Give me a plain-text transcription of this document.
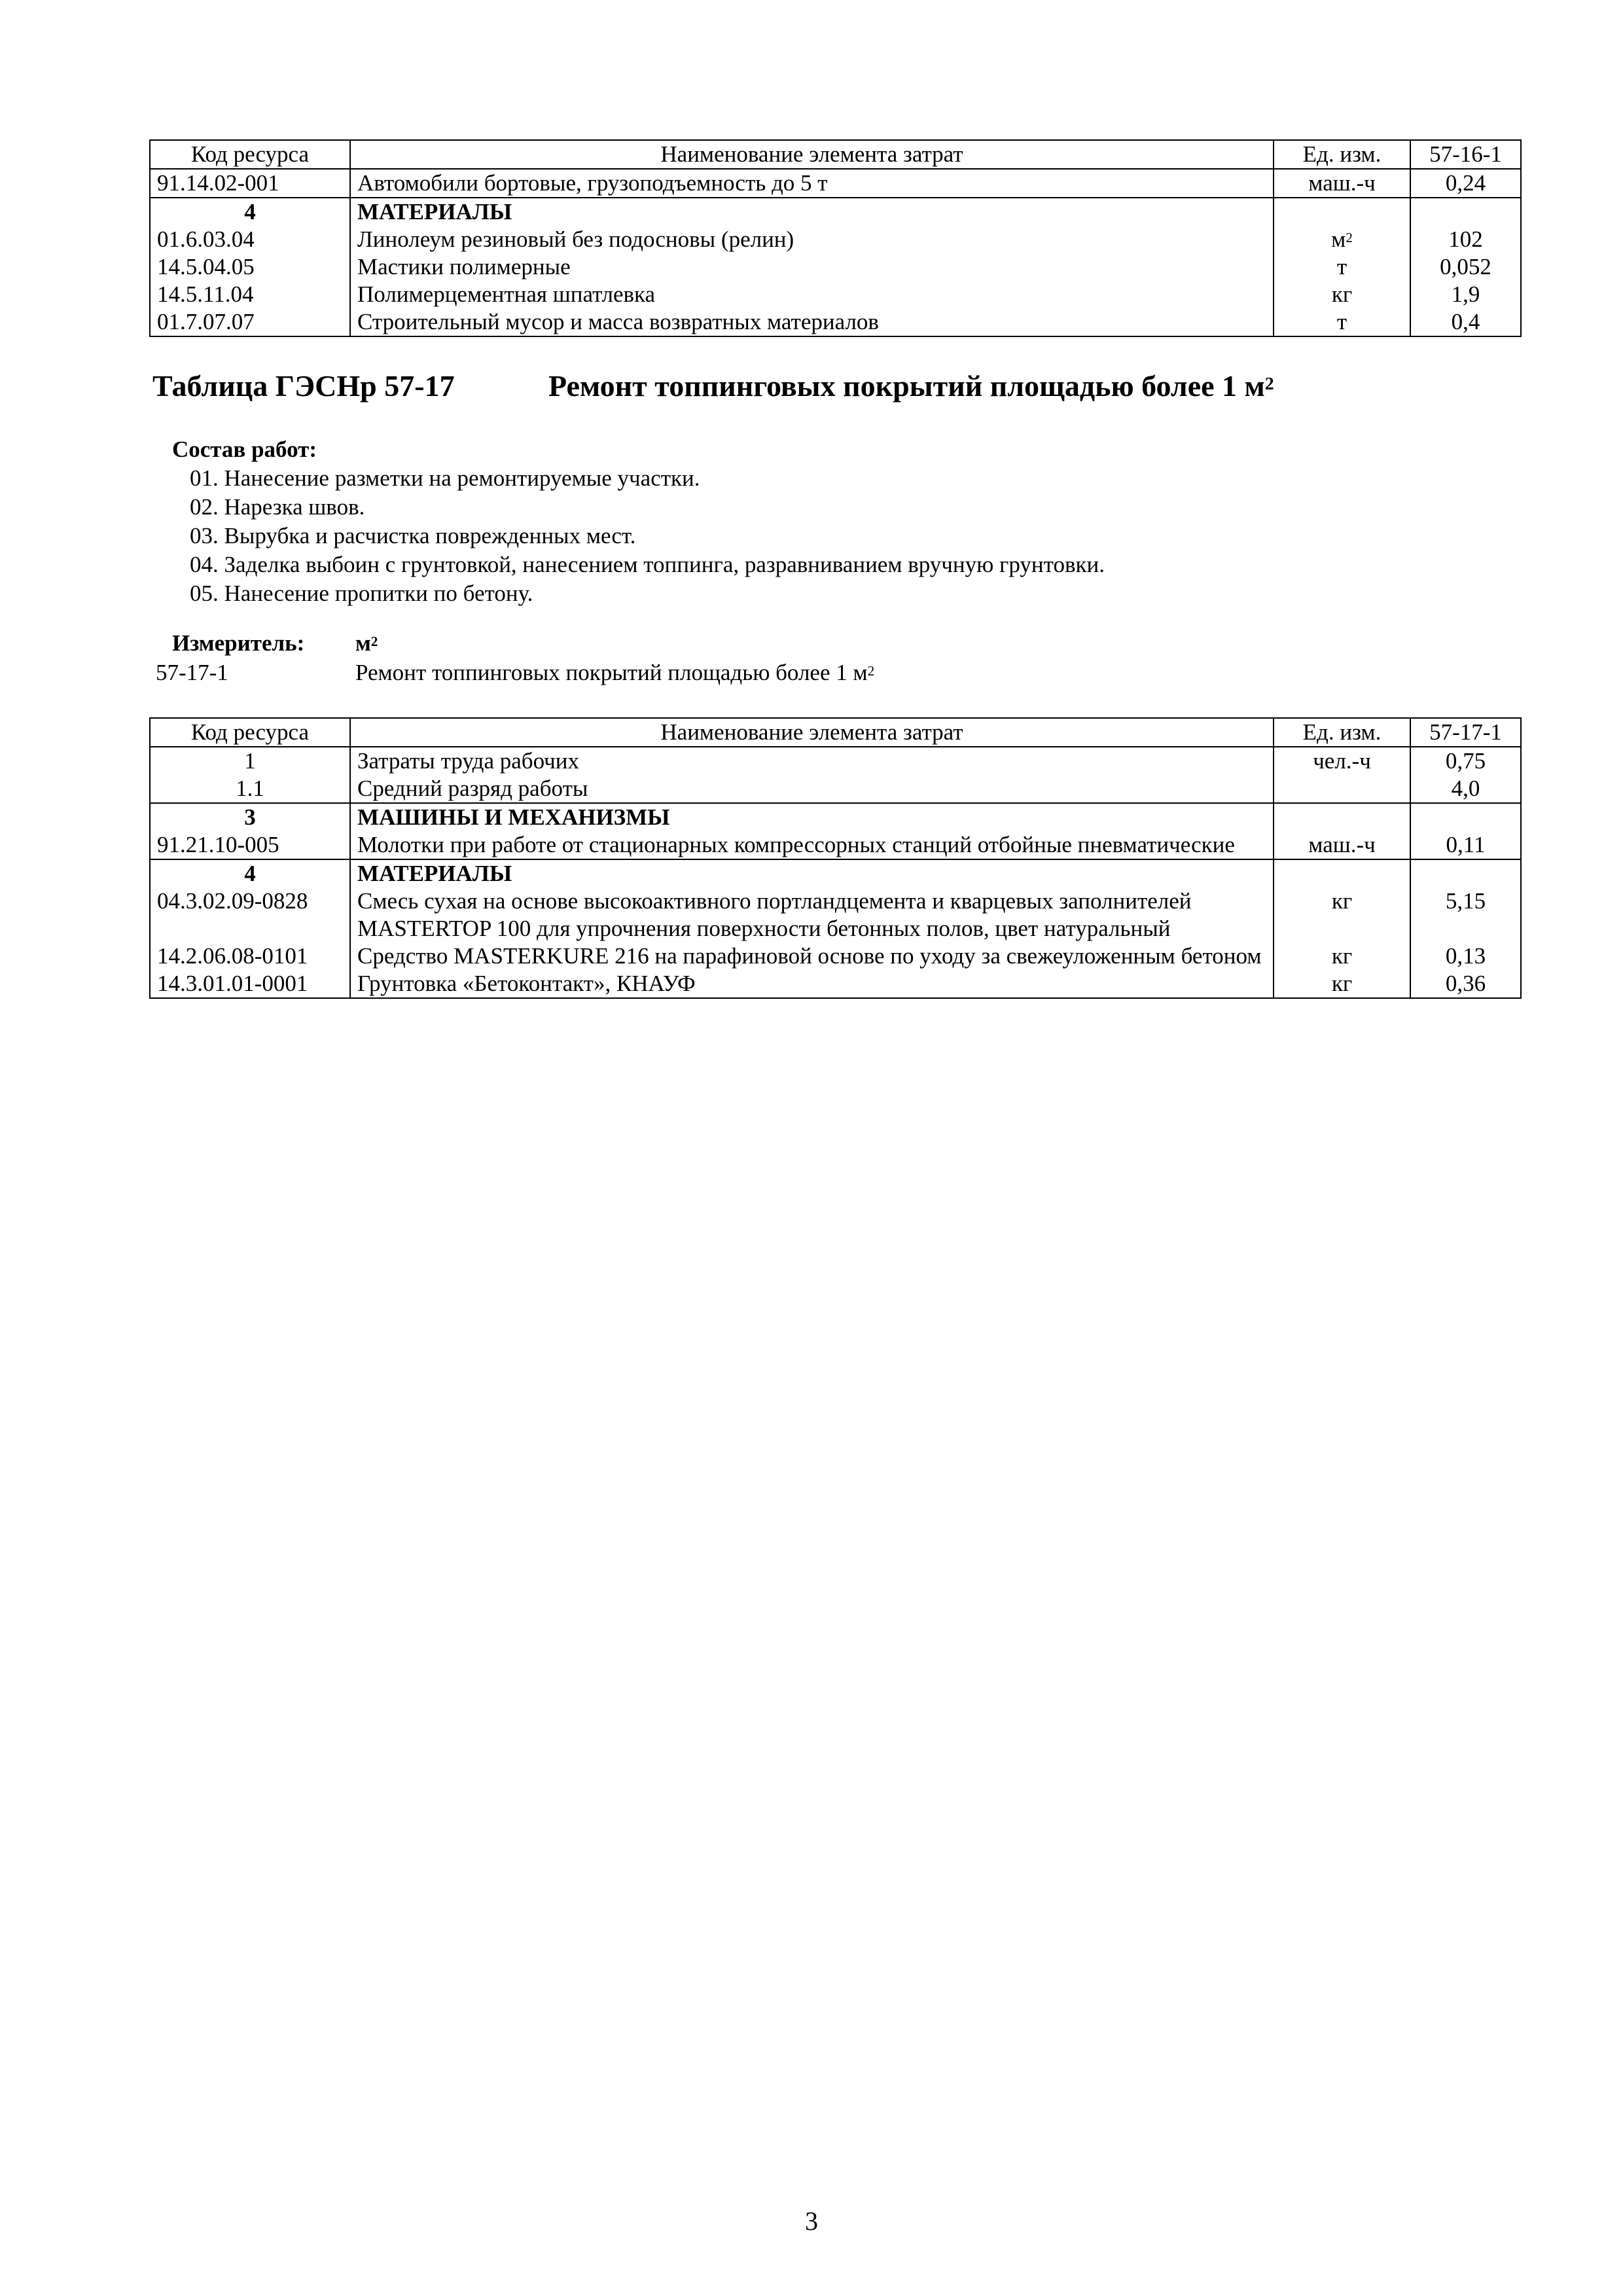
Код ресурса	Наименование элемента затрат	Ед. изм.	57-16-1
91.14.02-001	Автомобили бортовые, грузоподъемность до 5 т	маш.-ч	0,24
4	МАТЕРИАЛЫ		
01.6.03.04	Линолеум резиновый без подосновы (релин)	$м^2$	102
14.5.04.05	Мастики полимерные	т	0,052
14.5.11.04	Полимерцементная шпатлевка	кг	1,9
01.7.07.07	Строительный мусор и масса возвратных материалов	т	0,4
Таблица ГЭСНр 57-17	Ремонт топпинговых покрытий площадью более 1 $м^2$
Состав работ:
01. Нанесение разметки на ремонтируемые участки.
02. Нарезка швов.
03. Вырубка и расчистка поврежденных мест.
04. Заделка выбоин с грунтовкой, нанесением топпинга, разравниванием вручную грунтовки.
05. Нанесение пропитки по бетону.
Измеритель: $м^2$
57-17-1	Ремонт топпинговых покрытий площадью более 1 $м^2$
Код ресурса	Наименование элемента затрат	Ед. изм.	57-17-1
1	Затраты труда рабочих	чел.-ч	0,75
1.1	Средний разряд работы		4,0
3	МАШИНЫ И МЕХАНИЗМЫ		
91.21.10-005	Молотки при работе от стационарных компрессорных станций отбойные пневматические	маш.-ч	0,11
4	МАТЕРИАЛЫ		
04.3.02.09-0828	Смесь сухая на основе высокоактивного портландцемента и кварцевых заполнителей MASTERTOP 100 для упрочнения поверхности бетонных полов, цвет натуральный	кг	5,15
14.2.06.08-0101	Средство MASTERKURE 216 на парафиновой основе по уходу за свежеуложенным бетоном	кг	0,13
14.3.01.01-0001	Грунтовка «Бетоконтакт», КНАУФ	кг	0,36
3
